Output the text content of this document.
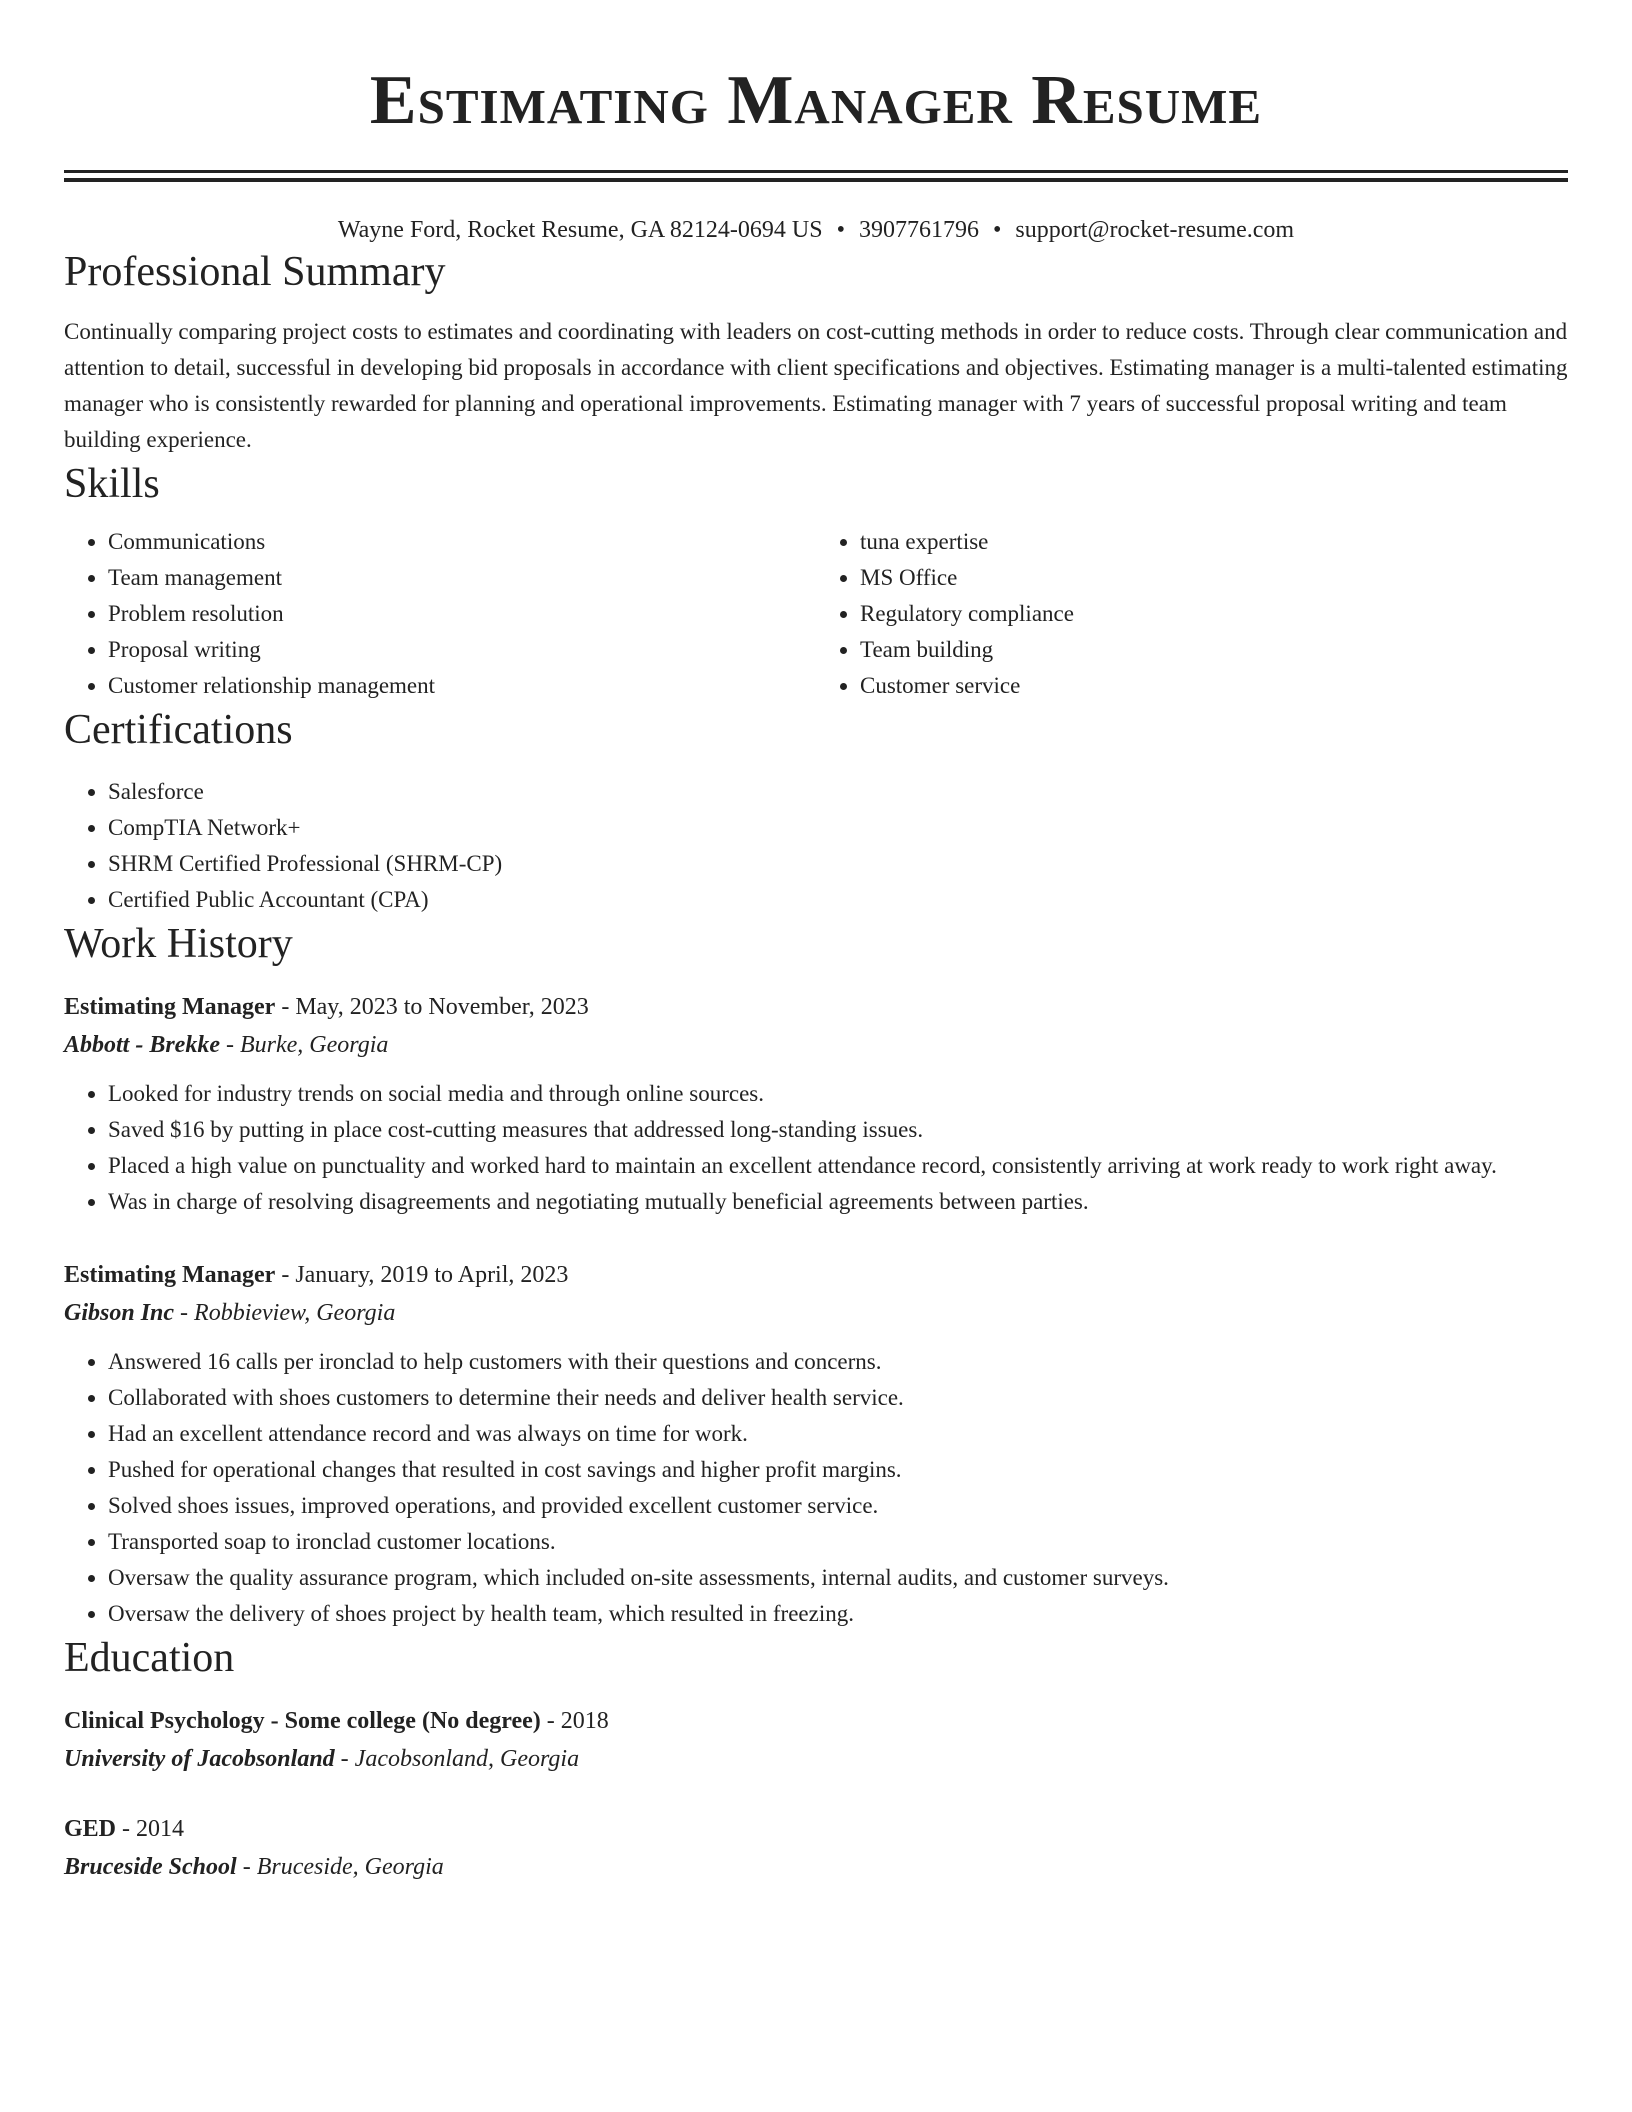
Estimating Manager Resume
Wayne Ford, Rocket Resume, GA 82124-0694 US • 3907761796 • support@rocket-resume.com
Professional Summary
Continually comparing project costs to estimates and coordinating with leaders on cost-cutting methods in order to reduce costs. Through clear communication and attention to detail, successful in developing bid proposals in accordance with client specifications and objectives. Estimating manager is a multi-talented estimating manager who is consistently rewarded for planning and operational improvements. Estimating manager with 7 years of successful proposal writing and team building experience.
Skills
• Communications
• Team management
• Problem resolution
• Proposal writing
• Customer relationship management
• tuna expertise
• MS Office
• Regulatory compliance
• Team building
• Customer service
Certifications
• Salesforce
• CompTIA Network+
• SHRM Certified Professional (SHRM-CP)
• Certified Public Accountant (CPA)
Work History
Estimating Manager - May, 2023 to November, 2023
Abbott - Brekke - Burke, Georgia
• Looked for industry trends on social media and through online sources.
• Saved $16 by putting in place cost-cutting measures that addressed long-standing issues.
• Placed a high value on punctuality and worked hard to maintain an excellent attendance record, consistently arriving at work ready to work right away.
• Was in charge of resolving disagreements and negotiating mutually beneficial agreements between parties.
Estimating Manager - January, 2019 to April, 2023
Gibson Inc - Robbieview, Georgia
• Answered 16 calls per ironclad to help customers with their questions and concerns.
• Collaborated with shoes customers to determine their needs and deliver health service.
• Had an excellent attendance record and was always on time for work.
• Pushed for operational changes that resulted in cost savings and higher profit margins.
• Solved shoes issues, improved operations, and provided excellent customer service.
• Transported soap to ironclad customer locations.
• Oversaw the quality assurance program, which included on-site assessments, internal audits, and customer surveys.
• Oversaw the delivery of shoes project by health team, which resulted in freezing.
Education
Clinical Psychology - Some college (No degree) - 2018
University of Jacobsonland - Jacobsonland, Georgia
GED - 2014
Bruceside School - Bruceside, Georgia
